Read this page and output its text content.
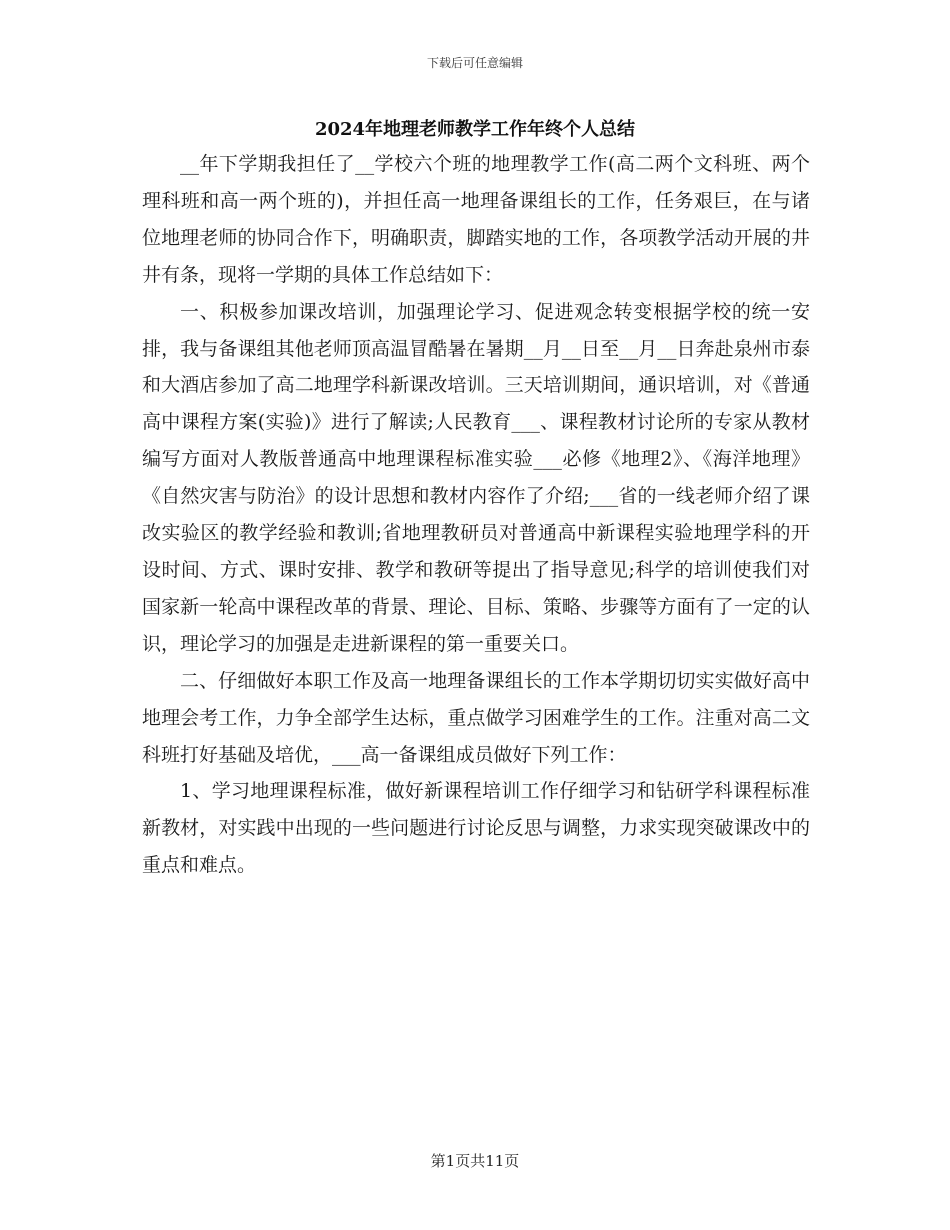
下载后可任意编辑
2024年地理老师教学工作年终个人总结

__年下学期我担任了__学校六个班的地理教学工作(高二两个文科班、两个理科班和高一两个班的)，并担任高一地理备课组长的工作，任务艰巨，在与诸位地理老师的协同合作下，明确职责，脚踏实地的工作，各项教学活动开展的井井有条，现将一学期的具体工作总结如下：

一、积极参加课改培训，加强理论学习、促进观念转变根据学校的统一安排，我与备课组其他老师顶高温冒酷暑在暑期__月__日至__月__日奔赴泉州市泰和大酒店参加了高二地理学科新课改培训。三天培训期间，通识培训，对《普通高中课程方案(实验)》进行了解读;人民教育___、课程教材讨论所的专家从教材编写方面对人教版普通高中地理课程标准实验___必修《地理2》、《海洋地理》《自然灾害与防治》的设计思想和教材内容作了介绍;___省的一线老师介绍了课改实验区的教学经验和教训;省地理教研员对普通高中新课程实验地理学科的开设时间、方式、课时安排、教学和教研等提出了指导意见;科学的培训使我们对国家新一轮高中课程改革的背景、理论、目标、策略、步骤等方面有了一定的认识，理论学习的加强是走进新课程的第一重要关口。

二、仔细做好本职工作及高一地理备课组长的工作本学期切切实实做好高中地理会考工作，力争全部学生达标，重点做学习困难学生的工作。注重对高二文科班打好基础及培优，___高一备课组成员做好下列工作：

1、学习地理课程标准，做好新课程培训工作仔细学习和钻研学科课程标准新教材，对实践中出现的一些问题进行讨论反思与调整，力求实现突破课改中的重点和难点。

第1页共11页
